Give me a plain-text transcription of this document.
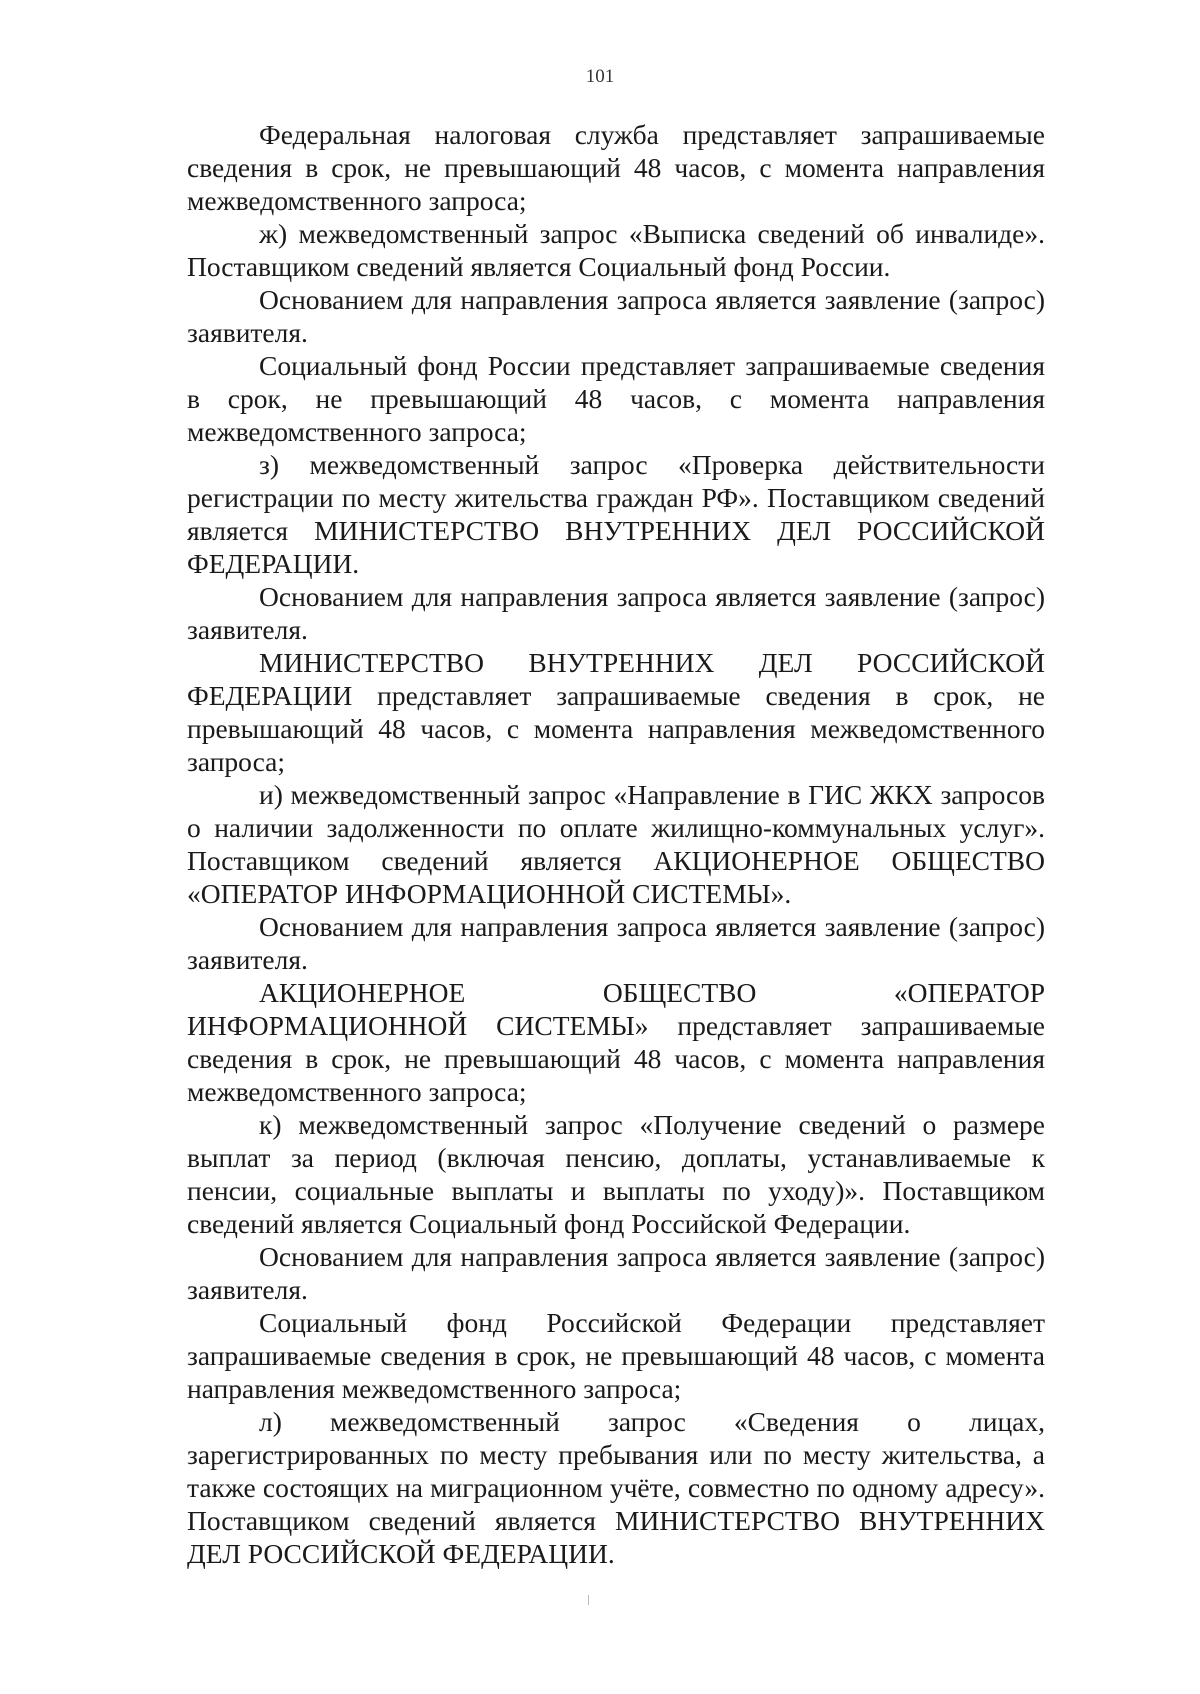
101

Федеральная налоговая служба представляет запрашиваемые сведения в срок, не превышающий 48 часов, с момента направления межведомственного запроса;

ж) межведомственный запрос «Выписка сведений об инвалиде». Поставщиком сведений является Социальный фонд России.

Основанием для направления запроса является заявление (запрос) заявителя.

Социальный фонд России представляет запрашиваемые сведения в срок, не превышающий 48 часов, с момента направления межведомственного запроса;

з) межведомственный запрос «Проверка действительности регистрации по месту жительства граждан РФ». Поставщиком сведений является МИНИСТЕРСТВО ВНУТРЕННИХ ДЕЛ РОССИЙСКОЙ ФЕДЕРАЦИИ.

Основанием для направления запроса является заявление (запрос) заявителя.

МИНИСТЕРСТВО ВНУТРЕННИХ ДЕЛ РОССИЙСКОЙ ФЕДЕРАЦИИ представляет запрашиваемые сведения в срок, не превышающий 48 часов, с момента направления межведомственного запроса;

и) межведомственный запрос «Направление в ГИС ЖКХ запросов о наличии задолженности по оплате жилищно-коммунальных услуг». Поставщиком сведений является АКЦИОНЕРНОЕ ОБЩЕСТВО «ОПЕРАТОР ИНФОРМАЦИОННОЙ СИСТЕМЫ».

Основанием для направления запроса является заявление (запрос) заявителя.

АКЦИОНЕРНОЕ ОБЩЕСТВО «ОПЕРАТОР ИНФОРМАЦИОННОЙ СИСТЕМЫ» представляет запрашиваемые сведения в срок, не превышающий 48 часов, с момента направления межведомственного запроса;

к) межведомственный запрос «Получение сведений о размере выплат за период (включая пенсию, доплаты, устанавливаемые к пенсии, социальные выплаты и выплаты по уходу)». Поставщиком сведений является Социальный фонд Российской Федерации.

Основанием для направления запроса является заявление (запрос) заявителя.

Социальный фонд Российской Федерации представляет запрашиваемые сведения в срок, не превышающий 48 часов, с момента направления межведомственного запроса;

л) межведомственный запрос «Сведения о лицах, зарегистрированных по месту пребывания или по месту жительства, а также состоящих на миграционном учёте, совместно по одному адресу». Поставщиком сведений является МИНИСТЕРСТВО ВНУТРЕННИХ ДЕЛ РОССИЙСКОЙ ФЕДЕРАЦИИ.
